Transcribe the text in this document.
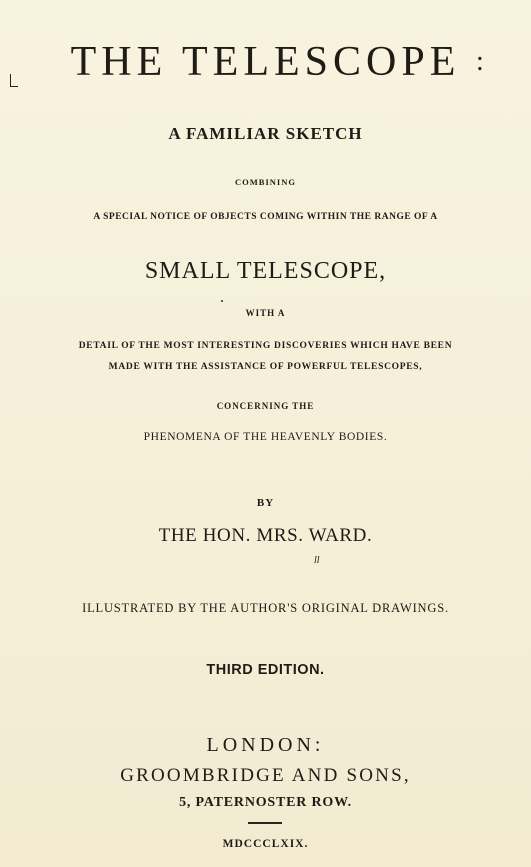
THE TELESCOPE :
A FAMILIAR SKETCH
COMBINING
A SPECIAL NOTICE OF OBJECTS COMING WITHIN THE RANGE OF A
SMALL TELESCOPE,
WITH A
DETAIL OF THE MOST INTERESTING DISCOVERIES WHICH HAVE BEEN
MADE WITH THE ASSISTANCE OF POWERFUL TELESCOPES,
CONCERNING THE
PHENOMENA OF THE HEAVENLY BODIES.
BY
THE HON. MRS. WARD.
ll
ILLUSTRATED BY THE AUTHOR'S ORIGINAL DRAWINGS.
THIRD EDITION.
LONDON:
GROOMBRIDGE AND SONS,
5, PATERNOSTER ROW.
MDCCCLXIX.
